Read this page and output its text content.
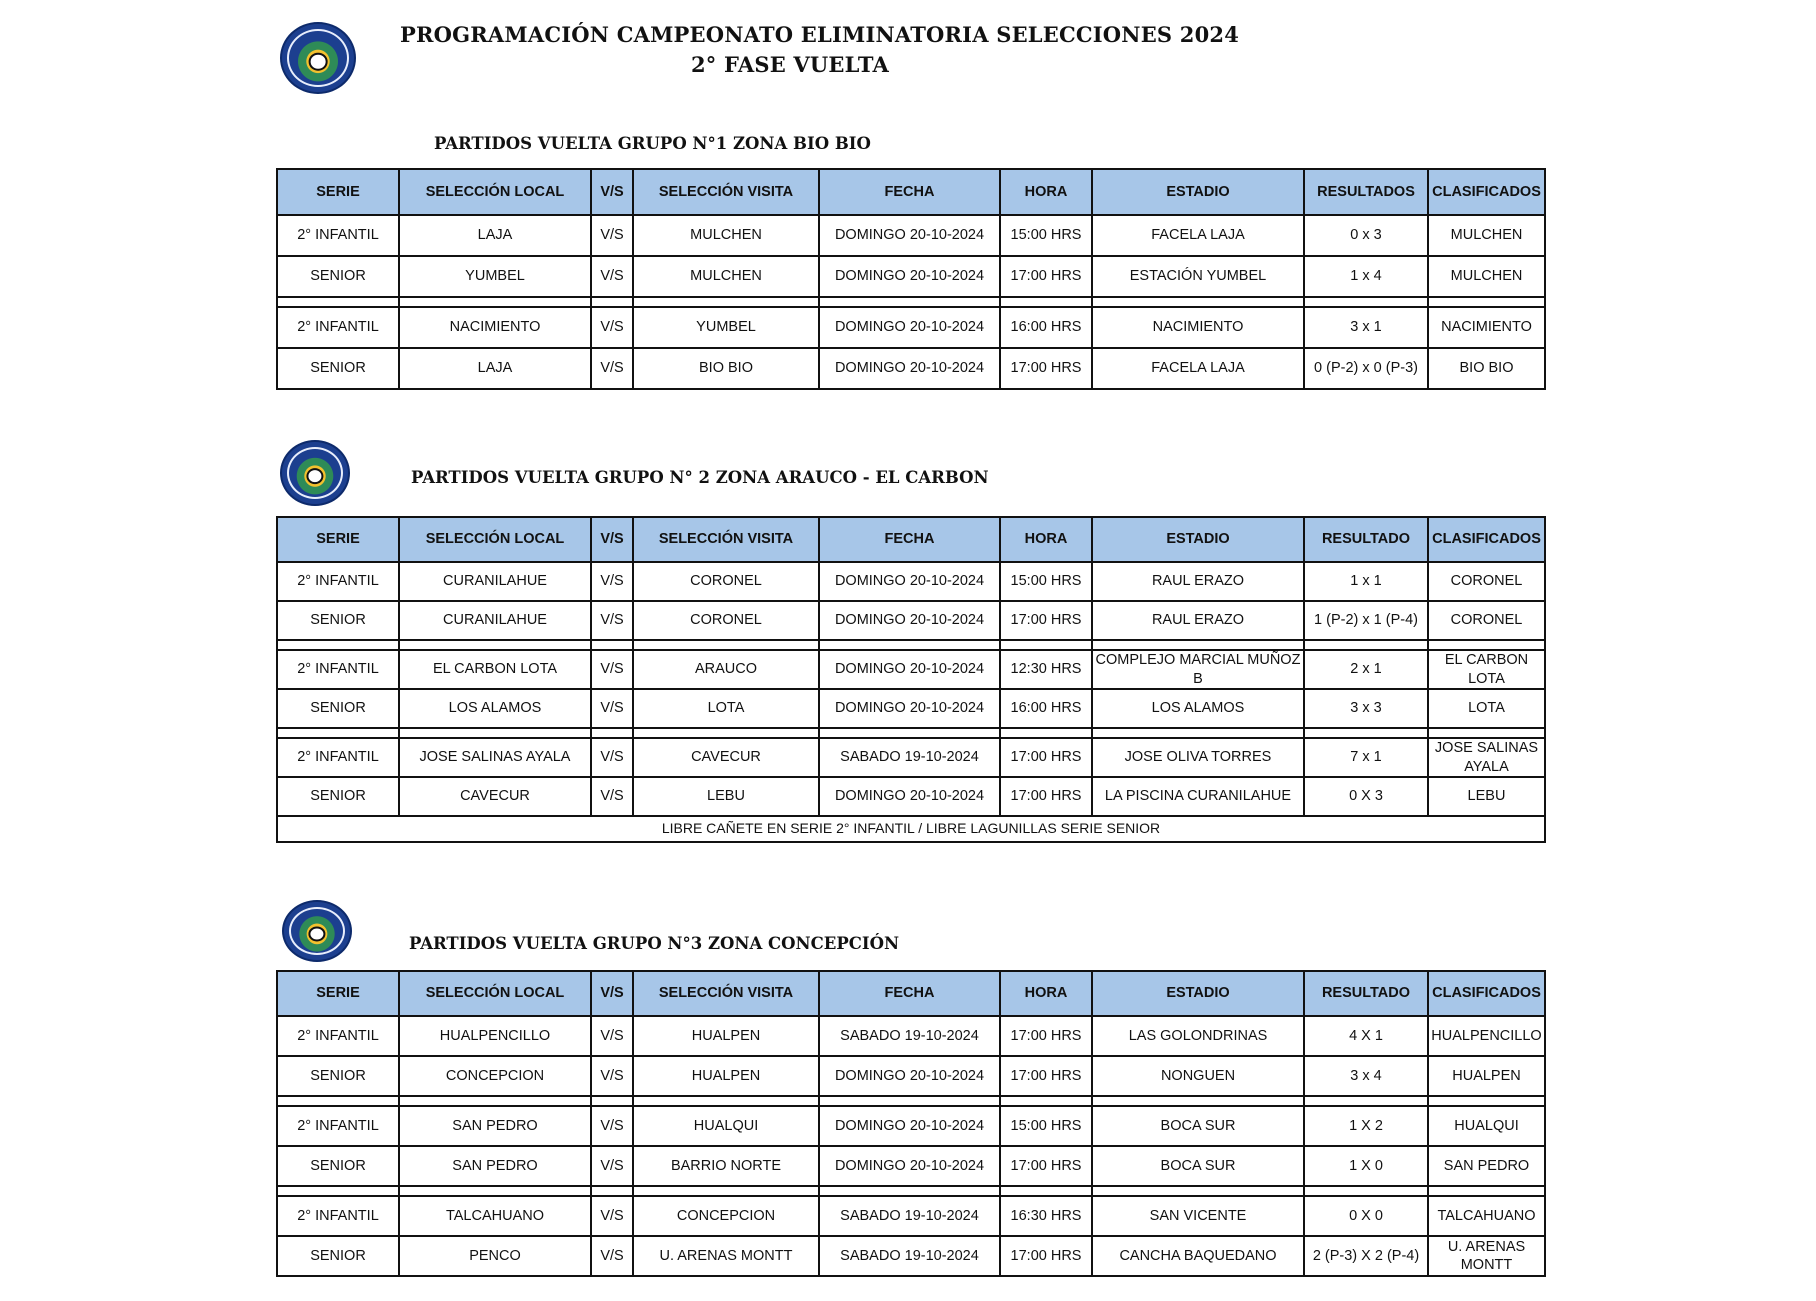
PROGRAMACIÓN CAMPEONATO ELIMINATORIA SELECCIONES 2024
2° FASE VUELTA
PARTIDOS VUELTA GRUPO N°1 ZONA BIO BIO
SERIE	SELECCIÓN LOCAL	V/S	SELECCIÓN VISITA	FECHA	HORA	ESTADIO	RESULTADOS	CLASIFICADOS
2° INFANTIL	LAJA	V/S	MULCHEN	DOMINGO 20-10-2024	15:00 HRS	FACELA LAJA	0 x 3	MULCHEN
SENIOR	YUMBEL	V/S	MULCHEN	DOMINGO 20-10-2024	17:00 HRS	ESTACIÓN YUMBEL	1 x 4	MULCHEN

2° INFANTIL	NACIMIENTO	V/S	YUMBEL	DOMINGO 20-10-2024	16:00 HRS	NACIMIENTO	3 x 1	NACIMIENTO
SENIOR	LAJA	V/S	BIO BIO	DOMINGO 20-10-2024	17:00 HRS	FACELA LAJA	0 (P-2) x 0 (P-3)	BIO BIO
PARTIDOS VUELTA GRUPO N° 2 ZONA ARAUCO - EL CARBON
SERIE	SELECCIÓN LOCAL	V/S	SELECCIÓN VISITA	FECHA	HORA	ESTADIO	RESULTADO	CLASIFICADOS
2° INFANTIL	CURANILAHUE	V/S	CORONEL	DOMINGO 20-10-2024	15:00 HRS	RAUL ERAZO	1 x 1	CORONEL
SENIOR	CURANILAHUE	V/S	CORONEL	DOMINGO 20-10-2024	17:00 HRS	RAUL ERAZO	1 (P-2) x 1 (P-4)	CORONEL

2° INFANTIL	EL CARBON LOTA	V/S	ARAUCO	DOMINGO 20-10-2024	12:30 HRS	COMPLEJO MARCIAL MUÑOZ B	2 x 1	EL CARBON LOTA
SENIOR	LOS ALAMOS	V/S	LOTA	DOMINGO 20-10-2024	16:00 HRS	LOS ALAMOS	3 x 3	LOTA

2° INFANTIL	JOSE SALINAS AYALA	V/S	CAVECUR	SABADO 19-10-2024	17:00 HRS	JOSE OLIVA TORRES	7 x 1	JOSE SALINAS AYALA
SENIOR	CAVECUR	V/S	LEBU	DOMINGO 20-10-2024	17:00 HRS	LA PISCINA CURANILAHUE	0 X 3	LEBU
LIBRE CAÑETE EN SERIE 2° INFANTIL / LIBRE LAGUNILLAS SERIE SENIOR								
PARTIDOS VUELTA GRUPO N°3 ZONA CONCEPCIÓN
SERIE	SELECCIÓN LOCAL	V/S	SELECCIÓN VISITA	FECHA	HORA	ESTADIO	RESULTADO	CLASIFICADOS
2° INFANTIL	HUALPENCILLO	V/S	HUALPEN	SABADO 19-10-2024	17:00 HRS	LAS GOLONDRINAS	4 X 1	HUALPENCILLO
SENIOR	CONCEPCION	V/S	HUALPEN	DOMINGO 20-10-2024	17:00 HRS	NONGUEN	3 x 4	HUALPEN

2° INFANTIL	SAN PEDRO	V/S	HUALQUI	DOMINGO 20-10-2024	15:00 HRS	BOCA SUR	1 X 2	HUALQUI
SENIOR	SAN PEDRO	V/S	BARRIO NORTE	DOMINGO 20-10-2024	17:00 HRS	BOCA SUR	1 X 0	SAN PEDRO

2° INFANTIL	TALCAHUANO	V/S	CONCEPCION	SABADO 19-10-2024	16:30 HRS	SAN VICENTE	0 X 0	TALCAHUANO
SENIOR	PENCO	V/S	U. ARENAS MONTT	SABADO 19-10-2024	17:00 HRS	CANCHA BAQUEDANO	2 (P-3) X 2 (P-4)	U. ARENAS MONTT
